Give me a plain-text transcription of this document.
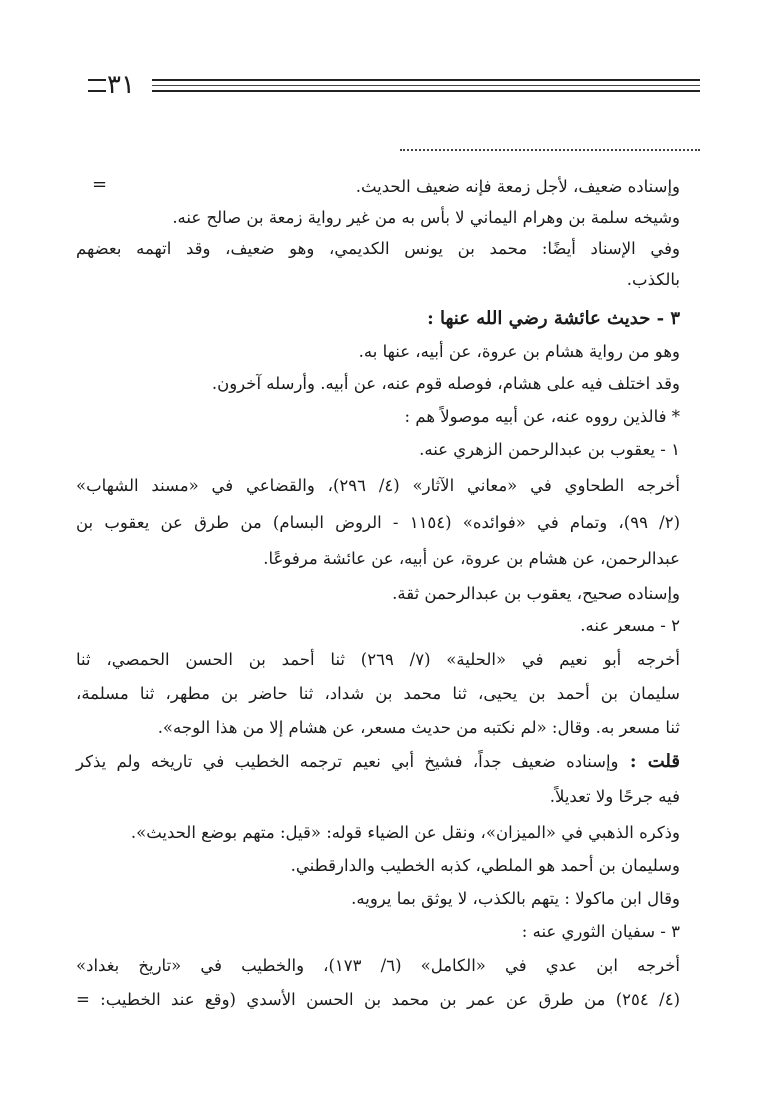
٣١
=	وإسناده ضعيف، لأجل زمعة فإنه ضعيف الحديث.
وشيخه سلمة بن وهرام اليماني لا بأس به من غير رواية زمعة بن صالح عنه.
وفي الإسناد أيضًا: محمد بن يونس الكديمي، وهو ضعيف، وقد اتهمه بعضهم
بالكذب.
٣ - حديث عائشة رضي الله عنها :
وهو من رواية هشام بن عروة، عن أبيه، عنها به.
وقد اختلف فيه على هشام، فوصله قوم عنه، عن أبيه. وأرسله آخرون.
* فالذين رووه عنه، عن أبيه موصولاً هم :
١ - يعقوب بن عبدالرحمن الزهري عنه.
أخرجه الطحاوي في «معاني الآثار» (٤/ ٢٩٦)، والقضاعي في «مسند الشهاب»
(٢/ ٩٩)، وتمام في «فوائده» (١١٥٤ - الروض البسام) من طرق عن يعقوب بن
عبدالرحمن، عن هشام بن عروة، عن أبيه، عن عائشة مرفوعًا.
وإسناده صحيح، يعقوب بن عبدالرحمن ثقة.
٢ - مسعر عنه.
أخرجه أبو نعيم في «الحلية» (٧/ ٢٦٩) ثنا أحمد بن الحسن الحمصي، ثنا
سليمان بن أحمد بن يحيى، ثنا محمد بن شداد، ثنا حاضر بن مطهر، ثنا مسلمة،
ثنا مسعر به. وقال: «لم نكتبه من حديث مسعر، عن هشام إلا من هذا الوجه».
قلت : وإسناده ضعيف جداً، فشيخ أبي نعيم ترجمه الخطيب في تاريخه ولم يذكر
فيه جرحًا ولا تعديلاً.
وذكره الذهبي في «الميزان»، ونقل عن الضياء قوله: «قيل: متهم بوضع الحديث».
وسليمان بن أحمد هو الملطي، كذبه الخطيب والدارقطني.
وقال ابن ماكولا : يتهم بالكذب، لا يوثق بما يرويه.
٣ - سفيان الثوري عنه :
أخرجه ابن عدي في «الكامل» (٦/ ١٧٣)، والخطيب في «تاريخ بغداد»
(٤/ ٢٥٤) من طرق عن عمر بن محمد بن الحسن الأسدي (وقع عند الخطيب: =
